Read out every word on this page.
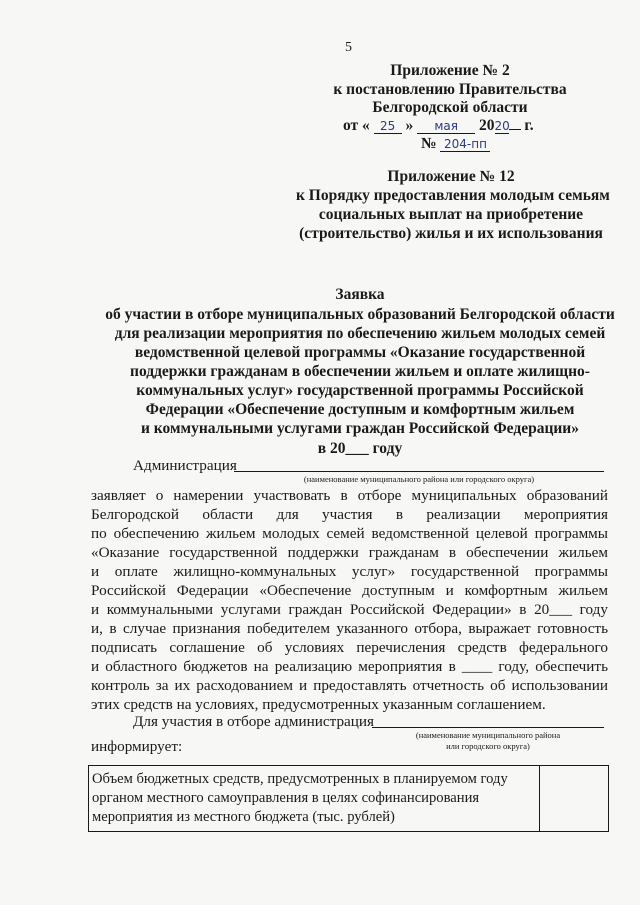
5
Приложение № 2
к постановлению Правительства
Белгородской области
от « 25 » мая 2020 г.
№ 204-пп
Приложение № 12
к Порядку предоставления молодым семьям
социальных выплат на приобретение
(строительство) жилья и их использования
Заявка
об участии в отборе муниципальных образований Белгородской области
для реализации мероприятия по обеспечению жильем молодых семей
ведомственной целевой программы «Оказание государственной
поддержки гражданам в обеспечении жильем и оплате жилищно-
коммунальных услуг» государственной программы Российской
Федерации «Обеспечение доступным и комфортным жильем
и коммунальными услугами граждан Российской Федерации»
в 20___ году
Администрация
(наименование муниципального района или городского округа)
заявляет о намерении участвовать в отборе муниципальных образований
Белгородской области для участия в реализации мероприятия
по обеспечению жильем молодых семей ведомственной целевой программы
«Оказание государственной поддержки гражданам в обеспечении жильем
и оплате жилищно-коммунальных услуг» государственной программы
Российской Федерации «Обеспечение доступным и комфортным жильем
и коммунальными услугами граждан Российской Федерации» в 20___ году
и, в случае признания победителем указанного отбора, выражает готовность
подписать соглашение об условиях перечисления средств федерального
и областного бюджетов на реализацию мероприятия в ____ году, обеспечить
контроль за их расходованием и предоставлять отчетность об использовании
этих средств на условиях, предусмотренных указанным соглашением.
Для участия в отборе администрация
(наименование муниципального района
или городского округа)
информирует:
Объем бюджетных средств, предусмотренных в планируемом году органом местного самоуправления в целях софинансирования мероприятия из местного бюджета (тыс. рублей)	
